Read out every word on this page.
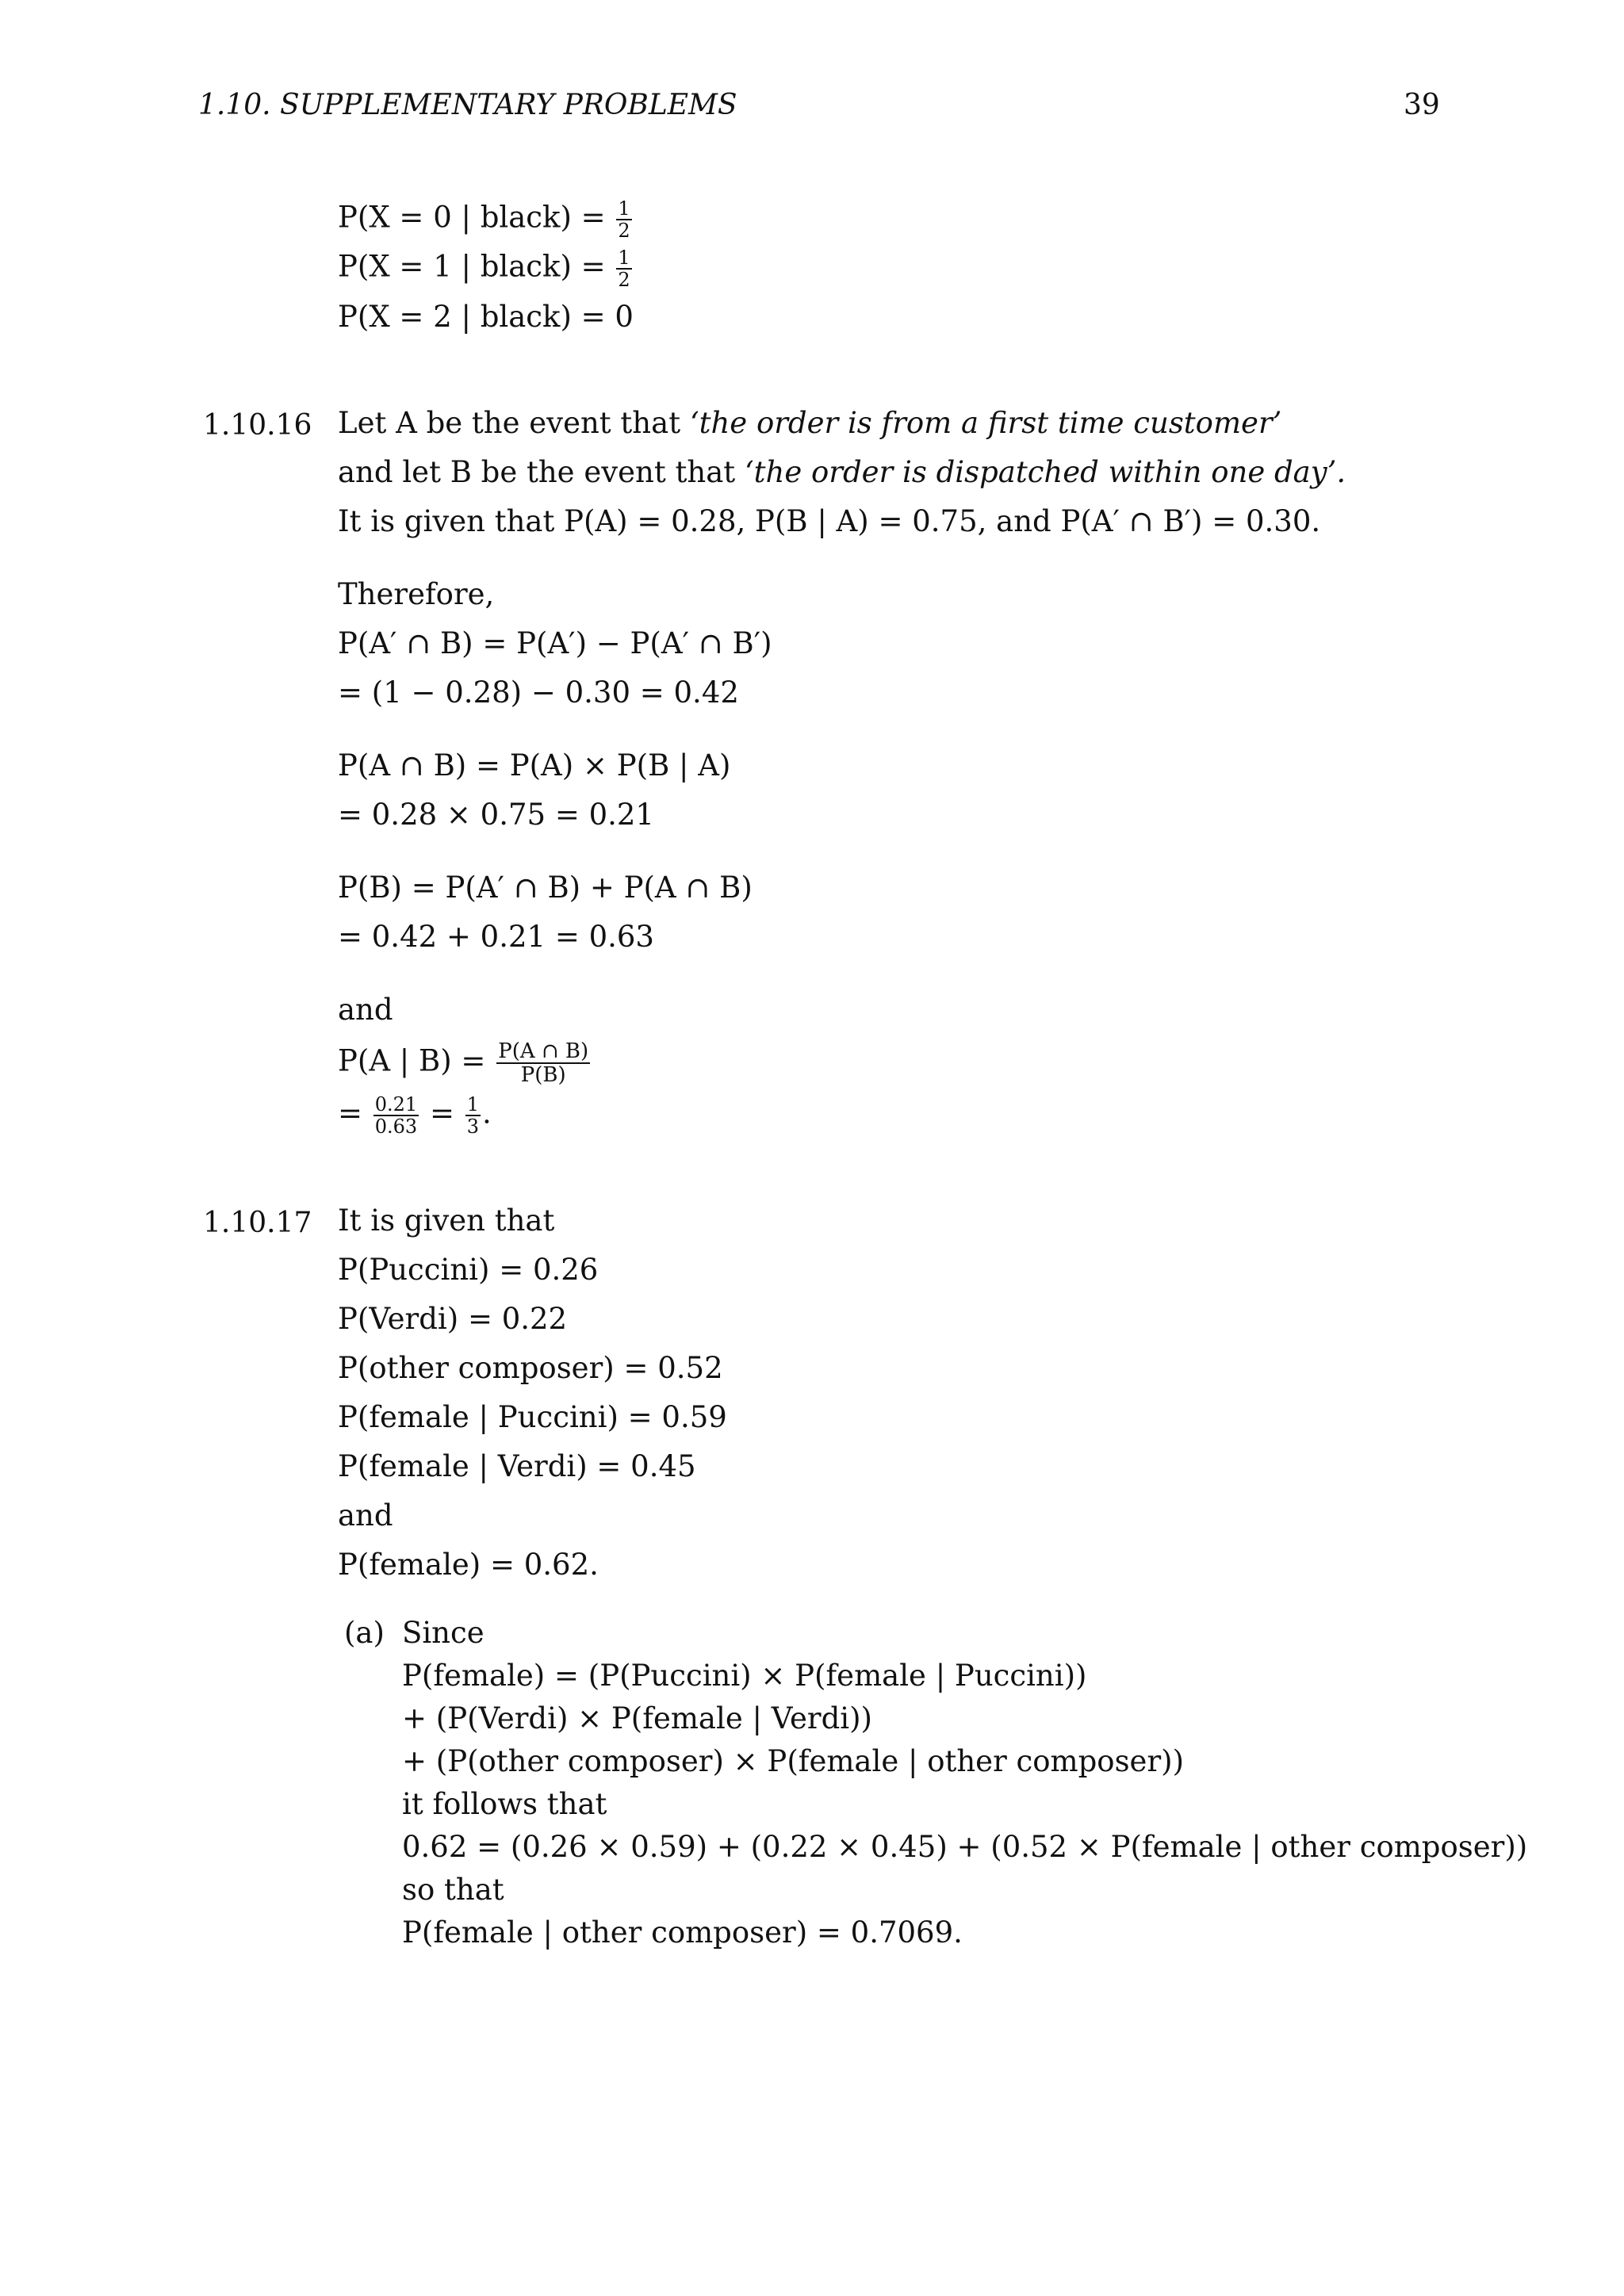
1.10. SUPPLEMENTARY PROBLEMS	39
P(X = 0 | black) = $\frac{1}{2}$
P(X = 1 | black) = $\frac{1}{2}$
P(X = 2 | black) = 0
1.10.16 Let A be the event that ‘the order is from a first time customer’
and let B be the event that ‘the order is dispatched within one day’.
It is given that P(A) = 0.28, P(B | A) = 0.75, and P(A′ ∩ B′) = 0.30.
Therefore,
P(A′ ∩ B) = P(A′) − P(A′ ∩ B′)
= (1 − 0.28) − 0.30 = 0.42
P(A ∩ B) = P(A) × P(B | A)
= 0.28 × 0.75 = 0.21
P(B) = P(A′ ∩ B) + P(A ∩ B)
= 0.42 + 0.21 = 0.63
and
P(A | $B) = \frac{P(A \cap B)}{P(B)}$
= $\frac{0.21}{0.63} = \frac{1}{3}$ .
1.10.17 It is given that
P(Puccini) = 0.26
P(Verdi) = 0.22
P(other composer) = 0.52
P(female | Puccini) = 0.59
P(female | Verdi) = 0.45
and
P(female) = 0.62.
(a) Since
P(female) = (P(Puccini) × P(female | Puccini))
+ (P(Verdi) × P(female | Verdi))
+ (P(other composer) × P(female | other composer))
it follows that
0.62 = (0.26 × 0.59) + (0.22 × 0.45) + (0.52 × P(female | other composer))
so that
P(female | other composer) = 0.7069.
